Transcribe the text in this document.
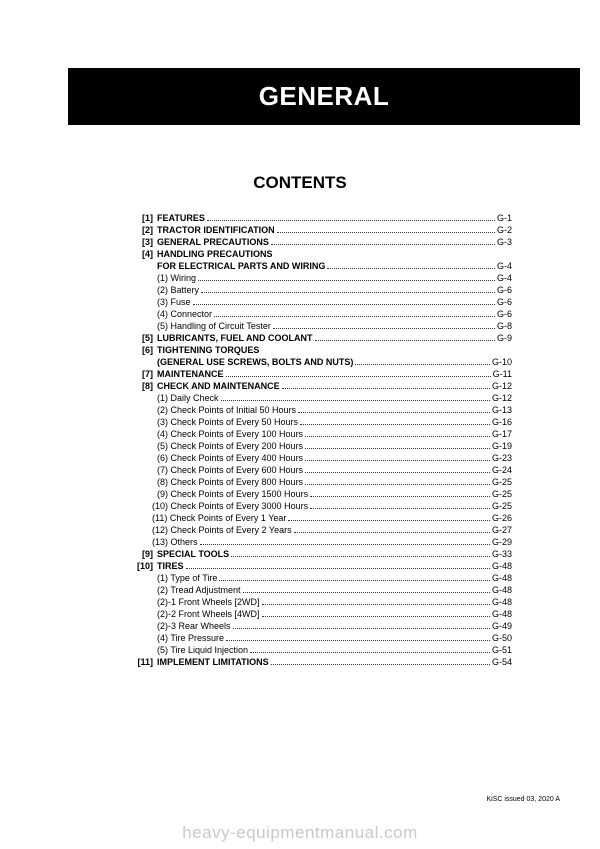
GENERAL
CONTENTS
[1] FEATURES	G-1
[2] TRACTOR IDENTIFICATION	G-2
[3] GENERAL PRECAUTIONS	G-3
[4] HANDLING PRECAUTIONS
FOR ELECTRICAL PARTS AND WIRING	G-4
(1) Wiring	G-4
(2) Battery	G-6
(3) Fuse	G-6
(4) Connector	G-6
(5) Handling of Circuit Tester	G-8
[5] LUBRICANTS, FUEL AND COOLANT	G-9
[6] TIGHTENING TORQUES
(GENERAL USE SCREWS, BOLTS AND NUTS)	G-10
[7] MAINTENANCE	G-11
[8] CHECK AND MAINTENANCE	G-12
(1) Daily Check	G-12
(2) Check Points of Initial 50 Hours	G-13
(3) Check Points of Every 50 Hours	G-16
(4) Check Points of Every 100 Hours	G-17
(5) Check Points of Every 200 Hours	G-19
(6) Check Points of Every 400 Hours	G-23
(7) Check Points of Every 600 Hours	G-24
(8) Check Points of Every 800 Hours	G-25
(9) Check Points of Every 1500 Hours	G-25
(10) Check Points of Every 3000 Hours	G-25
(11) Check Points of Every 1 Year	G-26
(12) Check Points of Every 2 Years	G-27
(13) Others	G-29
[9] SPECIAL TOOLS	G-33
[10] TIRES	G-48
(1) Type of Tire	G-48
(2) Tread Adjustment	G-48
(2)-1 Front Wheels [2WD]	G-48
(2)-2 Front Wheels [4WD]	G-48
(2)-3 Rear Wheels	G-49
(4) Tire Pressure	G-50
(5) Tire Liquid Injection	G-51
[11] IMPLEMENT LIMITATIONS	G-54
KiSC issued 03, 2020 A
heavy-equipmentmanual.com
